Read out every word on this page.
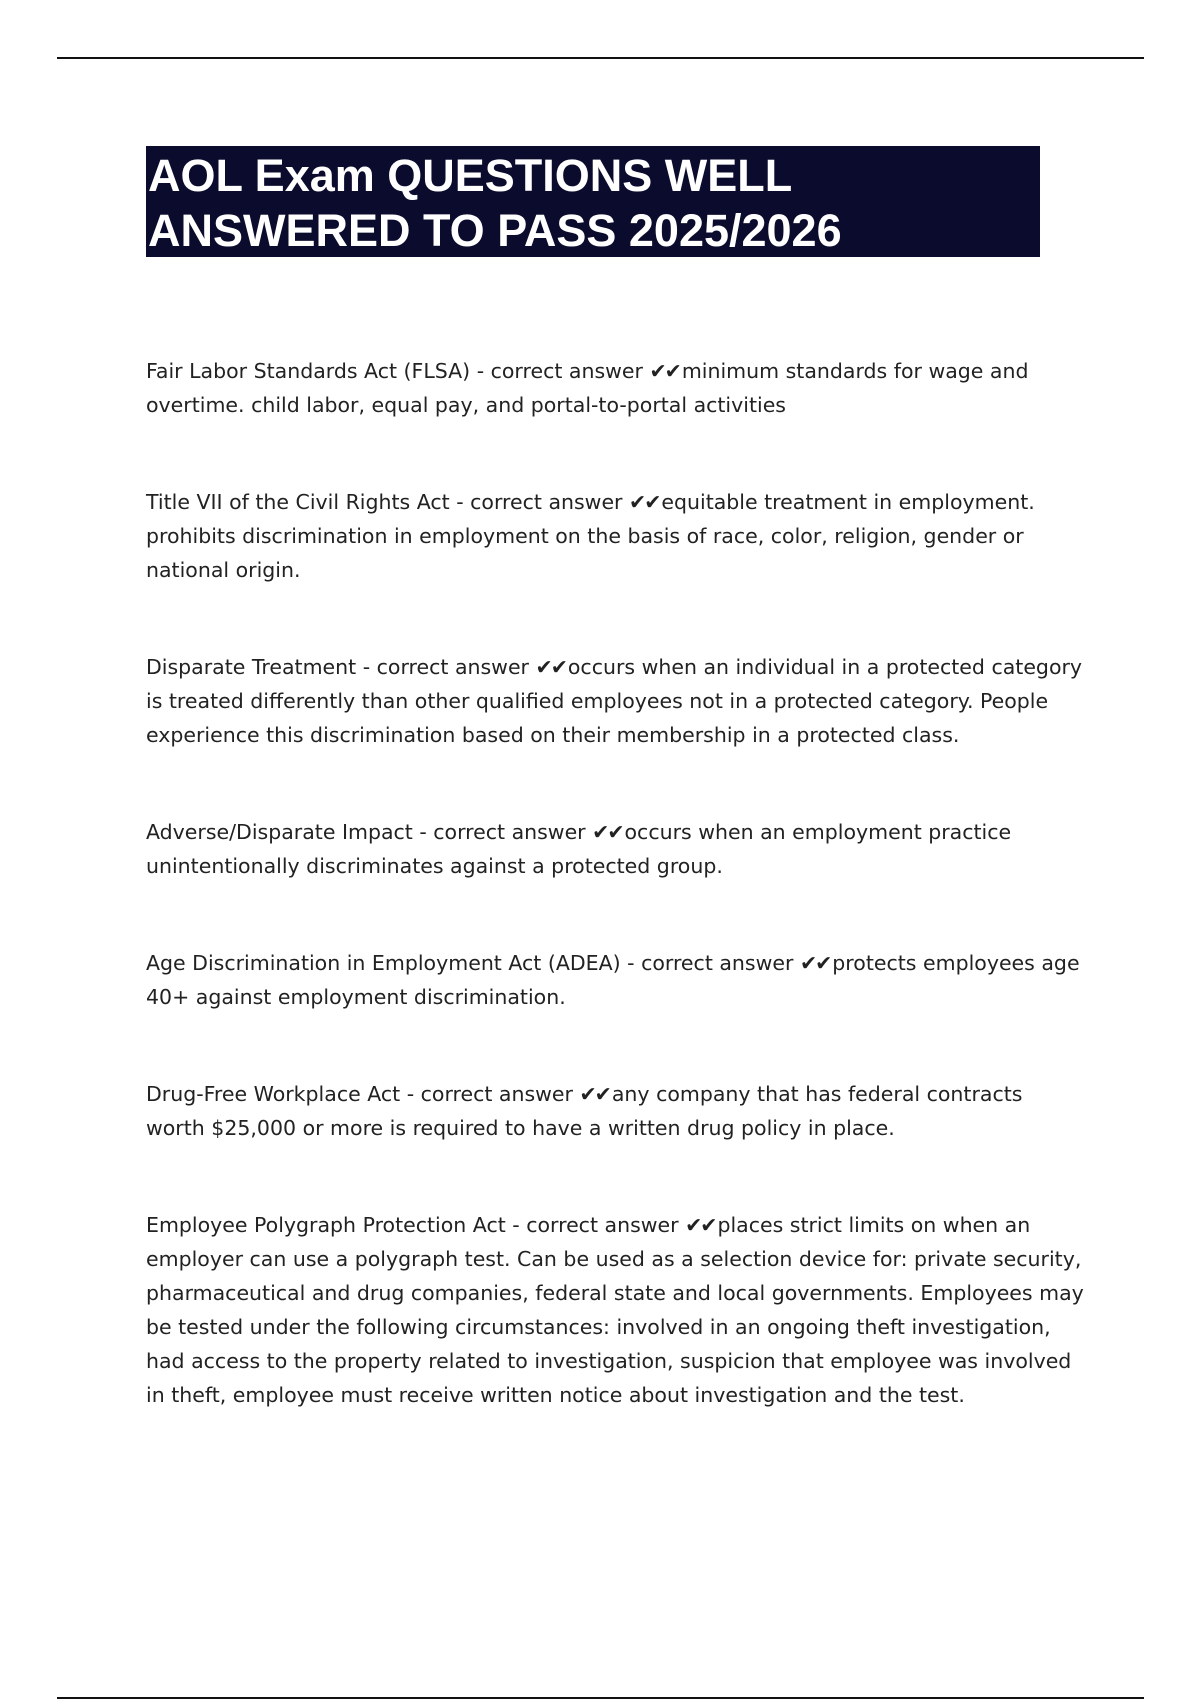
AOL Exam QUESTIONS WELL
ANSWERED TO PASS 2025/2026

Fair Labor Standards Act (FLSA) - correct answer ✔✔minimum standards for wage and overtime. child labor, equal pay, and portal-to-portal activities

Title VII of the Civil Rights Act - correct answer ✔✔equitable treatment in employment. prohibits discrimination in employment on the basis of race, color, religion, gender or national origin.

Disparate Treatment - correct answer ✔✔occurs when an individual in a protected category is treated differently than other qualified employees not in a protected category. People experience this discrimination based on their membership in a protected class.

Adverse/Disparate Impact - correct answer ✔✔occurs when an employment practice unintentionally discriminates against a protected group.

Age Discrimination in Employment Act (ADEA) - correct answer ✔✔protects employees age 40+ against employment discrimination.

Drug-Free Workplace Act - correct answer ✔✔any company that has federal contracts worth $25,000 or more is required to have a written drug policy in place.

Employee Polygraph Protection Act - correct answer ✔✔places strict limits on when an employer can use a polygraph test. Can be used as a selection device for: private security, pharmaceutical and drug companies, federal state and local governments. Employees may be tested under the following circumstances: involved in an ongoing theft investigation, had access to the property related to investigation, suspicion that employee was involved in theft, employee must receive written notice about investigation and the test.
